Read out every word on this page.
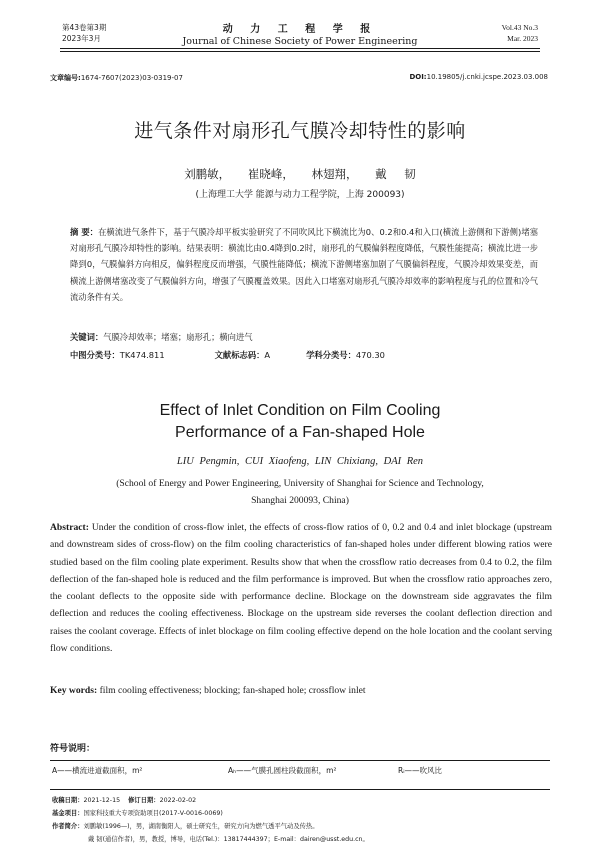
第43卷第3期
2023年3月
动 力 工 程 学 报
Journal of Chinese Society of Power Engineering
Vol.43 No.3
Mar. 2023
文章编号:1674-7607(2023)03-0319-07	DOI:10.19805/j.cnki.jcspe.2023.03.008
进气条件对扇形孔气膜冷却特性的影响
刘鹏敏， 崔晓峰， 林翅翔， 戴 韧
(上海理工大学 能源与动力工程学院，上海 200093)
摘 要：在横流进气条件下，基于气膜冷却平板实验研究了不同吹风比下横流比为0、0.2和0.4和入口(横流上游侧和下游侧)堵塞对扇形孔气膜冷却特性的影响。结果表明：横流比由0.4降到0.2时，扇形孔的气膜偏斜程度降低，气膜性能提高；横流比进一步降到0，气膜偏斜方向相反，偏斜程度反而增强，气膜性能降低；横流下游侧堵塞加剧了气膜偏斜程度，气膜冷却效果变差，而横流上游侧堵塞改变了气膜偏斜方向，增强了气膜覆盖效果。因此入口堵塞对扇形孔气膜冷却效率的影响程度与孔的位置和冷气流动条件有关。
关键词：气膜冷却效率；堵塞；扇形孔；横向进气
中图分类号：TK474.811	文献标志码：A	学科分类号：470.30
Effect of Inlet Condition on Film Cooling
Performance of a Fan-shaped Hole
LIU Pengmin, CUI Xiaofeng, LIN Chixiang, DAI Ren
(School of Energy and Power Engineering, University of Shanghai for Science and Technology,
Shanghai 200093, China)
Abstract: Under the condition of cross-flow inlet, the effects of cross-flow ratios of 0, 0.2 and 0.4 and inlet blockage (upstream and downstream sides of cross-flow) on the film cooling characteristics of fan-shaped holes under different blowing ratios were studied based on the film cooling plate experiment. Results show that when the crossflow ratio decreases from 0.4 to 0.2, the film deflection of the fan-shaped hole is reduced and the film performance is improved. But when the crossflow ratio approaches zero, the coolant deflects to the opposite side with performance decline. Blockage on the downstream side aggravates the film deflection and reduces the cooling effectiveness. Blockage on the upstream side reverses the coolant deflection direction and raises the coolant coverage. Effects of inlet blockage on film cooling effective depend on the hole location and the coolant serving flow conditions.
Key words: film cooling effectiveness; blocking; fan-shaped hole; crossflow inlet
符号说明：
A——横流进道截面积，m²	Aₕ——气膜孔圆柱段截面积，m²	Rᵢ——吹风比
收稿日期：2021-12-15 修订日期：2022-02-02
基金项目：国家科技重大专项资助项目(2017-V-0016-0069)
作者简介：刘鹏敏(1996—)，男，湖南衡阳人，硕士研究生，研究方向为燃气透平气动及传热。
戴 韧(通信作者)，男，教授，博导，电话(Tel.)：13817444397；E-mail：dairen@usst.edu.cn。
